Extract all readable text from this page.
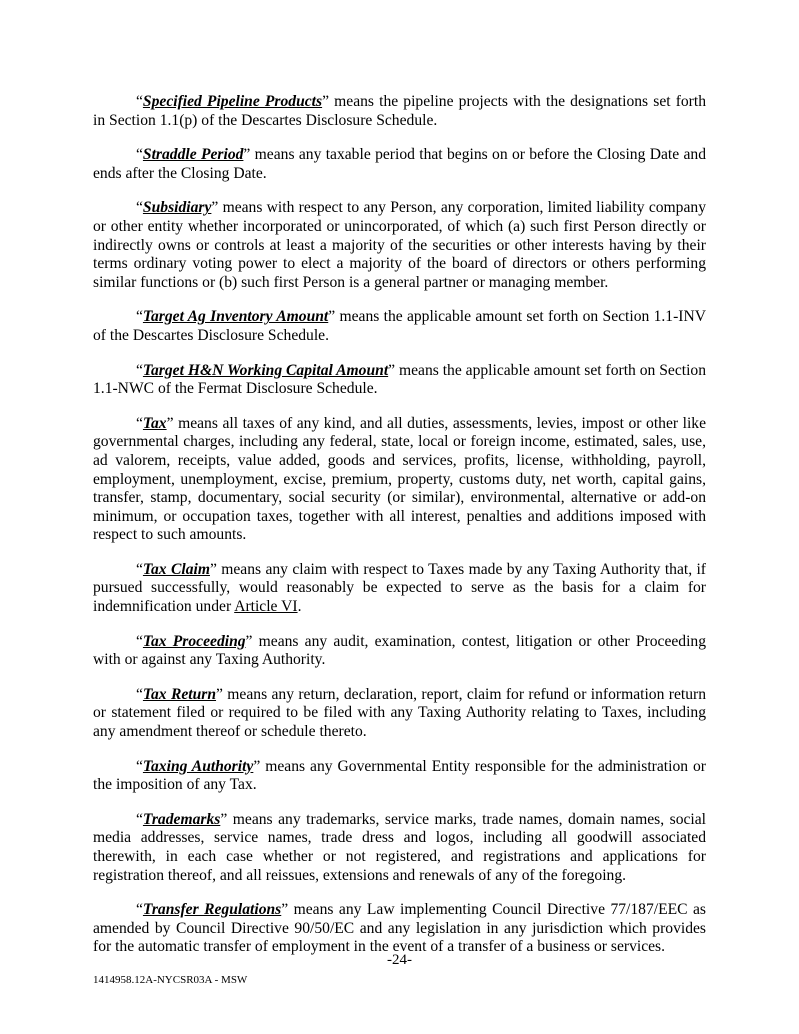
“Specified Pipeline Products” means the pipeline projects with the designations set forth in Section 1.1(p) of the Descartes Disclosure Schedule.

“Straddle Period” means any taxable period that begins on or before the Closing Date and ends after the Closing Date.

“Subsidiary” means with respect to any Person, any corporation, limited liability company or other entity whether incorporated or unincorporated, of which (a) such first Person directly or indirectly owns or controls at least a majority of the securities or other interests having by their terms ordinary voting power to elect a majority of the board of directors or others performing similar functions or (b) such first Person is a general partner or managing member.

“Target Ag Inventory Amount” means the applicable amount set forth on Section 1.1-INV of the Descartes Disclosure Schedule.

“Target H&N Working Capital Amount” means the applicable amount set forth on Section 1.1-NWC of the Fermat Disclosure Schedule.

“Tax” means all taxes of any kind, and all duties, assessments, levies, impost or other like governmental charges, including any federal, state, local or foreign income, estimated, sales, use, ad valorem, receipts, value added, goods and services, profits, license, withholding, payroll, employment, unemployment, excise, premium, property, customs duty, net worth, capital gains, transfer, stamp, documentary, social security (or similar), environmental, alternative or add-on minimum, or occupation taxes, together with all interest, penalties and additions imposed with respect to such amounts.

“Tax Claim” means any claim with respect to Taxes made by any Taxing Authority that, if pursued successfully, would reasonably be expected to serve as the basis for a claim for indemnification under Article VI.

“Tax Proceeding” means any audit, examination, contest, litigation or other Proceeding with or against any Taxing Authority.

“Tax Return” means any return, declaration, report, claim for refund or information return or statement filed or required to be filed with any Taxing Authority relating to Taxes, including any amendment thereof or schedule thereto.

“Taxing Authority” means any Governmental Entity responsible for the administration or the imposition of any Tax.

“Trademarks” means any trademarks, service marks, trade names, domain names, social media addresses, service names, trade dress and logos, including all goodwill associated therewith, in each case whether or not registered, and registrations and applications for registration thereof, and all reissues, extensions and renewals of any of the foregoing.

“Transfer Regulations” means any Law implementing Council Directive 77/187/EEC as amended by Council Directive 90/50/EC and any legislation in any jurisdiction which provides for the automatic transfer of employment in the event of a transfer of a business or services.

-24-
1414958.12A-NYCSR03A - MSW
